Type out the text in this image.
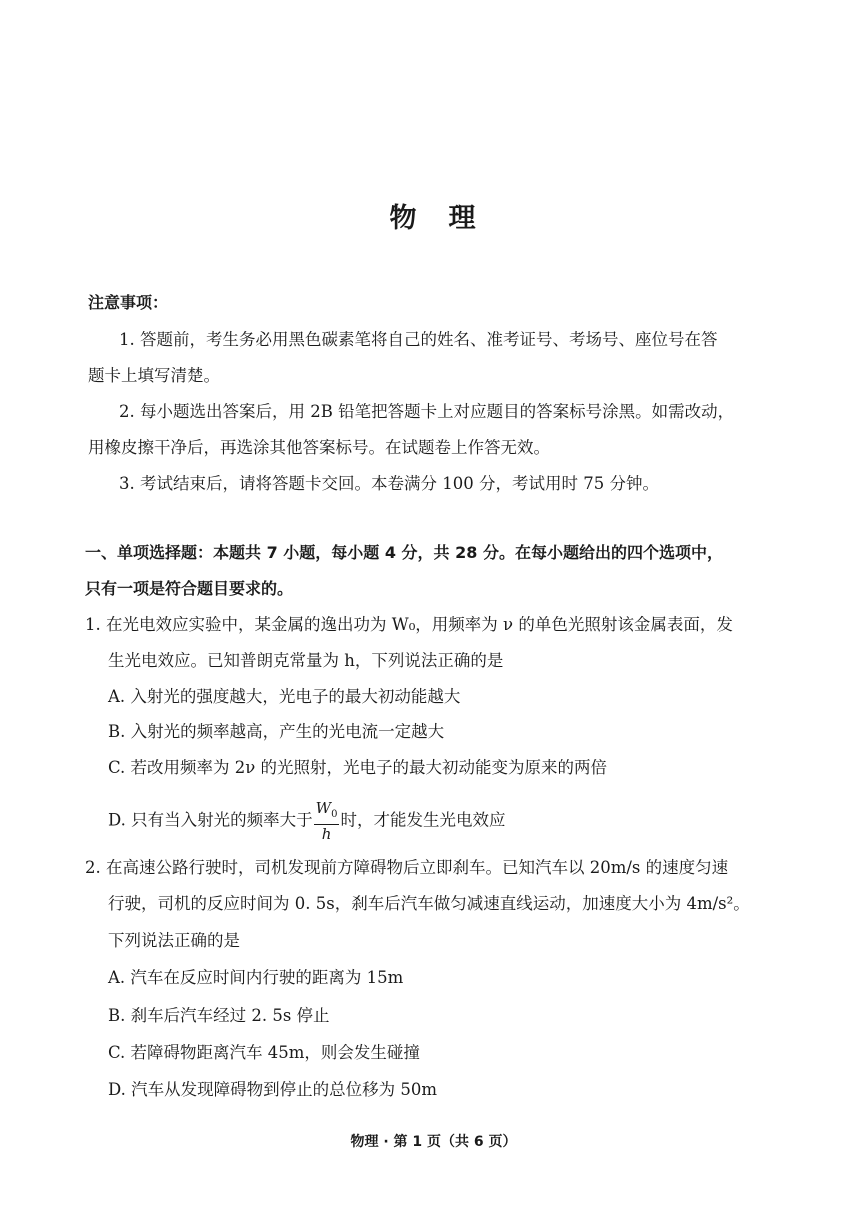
物 理
注意事项：
1. 答题前，考生务必用黑色碳素笔将自己的姓名、准考证号、考场号、座位号在答
题卡上填写清楚。
2. 每小题选出答案后，用 2B 铅笔把答题卡上对应题目的答案标号涂黑。如需改动，
用橡皮擦干净后，再选涂其他答案标号。在试题卷上作答无效。
3. 考试结束后，请将答题卡交回。本卷满分 100 分，考试用时 75 分钟。
一、单项选择题：本题共 7 小题，每小题 4 分，共 28 分。在每小题给出的四个选项中，
只有一项是符合题目要求的。
1. 在光电效应实验中，某金属的逸出功为 W₀，用频率为 ν 的单色光照射该金属表面，发
生光电效应。已知普朗克常量为 h，下列说法正确的是
A. 入射光的强度越大，光电子的最大初动能越大
B. 入射光的频率越高，产生的光电流一定越大
C. 若改用频率为 2ν 的光照射，光电子的最大初动能变为原来的两倍
D. 只有当入射光的频率大于 $\frac{W_0}{h}$ 时，才能发生光电效应
2. 在高速公路行驶时，司机发现前方障碍物后立即刹车。已知汽车以 20m/s 的速度匀速
行驶，司机的反应时间为 0. 5s，刹车后汽车做匀减速直线运动，加速度大小为 4m/s²。
下列说法正确的是
A. 汽车在反应时间内行驶的距离为 15m
B. 刹车后汽车经过 2. 5s 停止
C. 若障碍物距离汽车 45m，则会发生碰撞
D. 汽车从发现障碍物到停止的总位移为 50m
物理 · 第 1 页（共 6 页）
